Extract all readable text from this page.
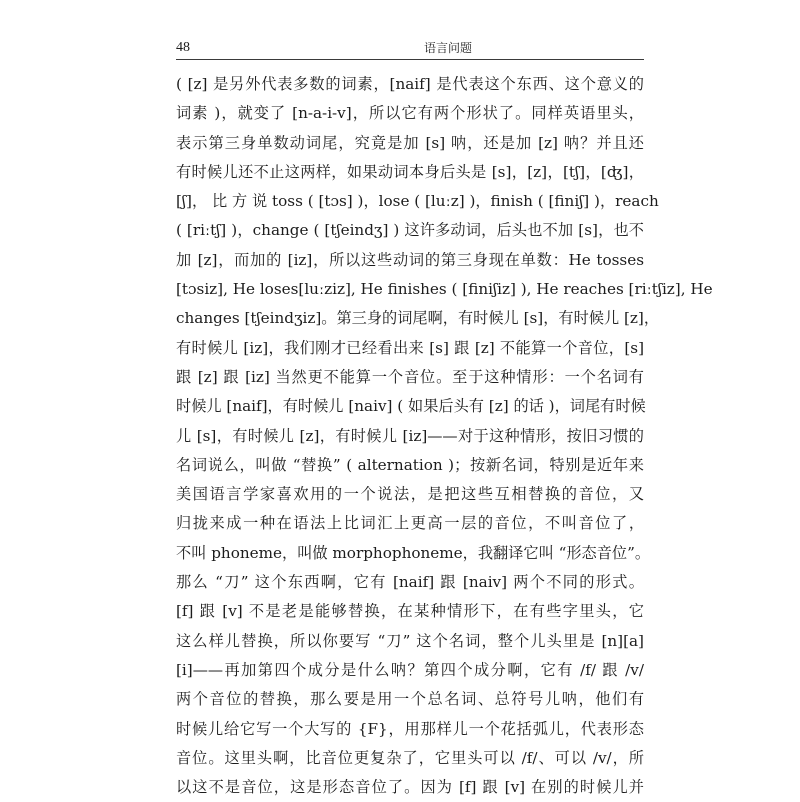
48	语言问题
( [z] 是另外代表多数的词素，[naif] 是代表这个东西、这个意义的
词素 )，就变了 [n-a-i-v]，所以它有两个形状了。同样英语里头，
表示第三身单数动词尾，究竟是加 [s] 呐，还是加 [z] 呐？并且还
有时候儿还不止这两样，如果动词本身后头是 [s]，[z]，[tʃ]，[ʤ]，
[ʃ]， 比 方 说 toss ( [tɔs] )，lose ( [luːz] )，finish ( [finiʃ] )，reach
( [riːtʃ] )，change ( [tʃeindʒ] ) 这许多动词，后头也不加 [s]，也不
加 [z]，而加的 [iz]，所以这些动词的第三身现在单数：He tosses
[tɔsiz], He loses[luːziz], He finishes ( [finiʃiz] ), He reaches [riːtʃiz], He
changes [tʃeindʒiz]。第三身的词尾啊，有时候儿 [s]，有时候儿 [z]，
有时候儿 [iz]，我们刚才已经看出来 [s] 跟 [z] 不能算一个音位，[s]
跟 [z] 跟 [iz] 当然更不能算一个音位。至于这种情形：一个名词有
时候儿 [naif]，有时候儿 [naiv] ( 如果后头有 [z] 的话 )，词尾有时候
儿 [s]，有时候儿 [z]，有时候儿 [iz]——对于这种情形，按旧习惯的
名词说么，叫做 “替换” ( alternation )；按新名词，特别是近年来
美国语言学家喜欢用的一个说法，是把这些互相替换的音位，又
归拢来成一种在语法上比词汇上更高一层的音位，不叫音位了，
不叫 phoneme，叫做 morphophoneme，我翻译它叫 “形态音位”。
那么 “刀” 这个东西啊，它有 [naif] 跟 [naiv] 两个不同的形式。
[f] 跟 [v] 不是老是能够替换，在某种情形下，在有些字里头，它
这么样儿替换，所以你要写 “刀” 这个名词，整个儿头里是 [n][a]
[i]——再加第四个成分是什么呐？第四个成分啊，它有 /f/ 跟 /v/
两个音位的替换，那么要是用一个总名词、总符号儿呐，他们有
时候儿给它写一个大写的 {F}，用那样儿一个花括弧儿，代表形态
音位。这里头啊，比音位更复杂了，它里头可以 /f/、可以 /v/，所
以这不是音位，这是形态音位了。因为 [f] 跟 [v] 在别的时候儿并
